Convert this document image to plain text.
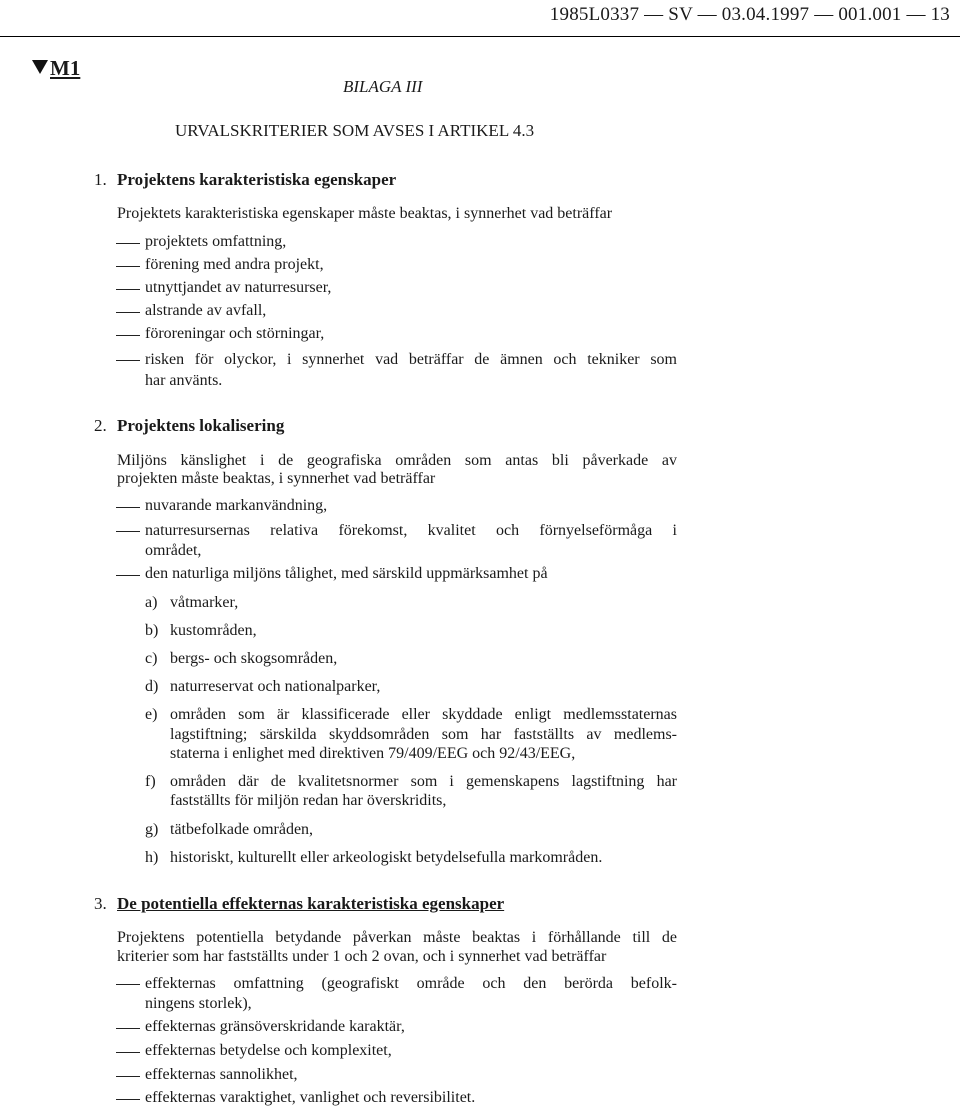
1985L0337 — SV — 03.04.1997 — 001.001 — 13
M1
BILAGA III
URVALSKRITERIER SOM AVSES I ARTIKEL 4.3
1. Projektens karakteristiska egenskaper
Projektets karakteristiska egenskaper måste beaktas, i synnerhet vad beträffar
projektets omfattning,
förening med andra projekt,
utnyttjandet av naturresurser,
alstrande av avfall,
föroreningar och störningar,
risken för olyckor, i synnerhet vad beträffar de ämnen och tekniker som
har använts.
2. Projektens lokalisering
Miljöns känslighet i de geografiska områden som antas bli påverkade av
projekten måste beaktas, i synnerhet vad beträffar
nuvarande markanvändning,
naturresursernas relativa förekomst, kvalitet och förnyelseförmåga i
området,
den naturliga miljöns tålighet, med särskild uppmärksamhet på
a) våtmarker,
b) kustområden,
c) bergs- och skogsområden,
d) naturreservat och nationalparker,
e) områden som är klassificerade eller skyddade enligt medlemsstaternas
lagstiftning; särskilda skyddsområden som har fastställts av medlems-
staterna i enlighet med direktiven 79/409/EEG och 92/43/EEG,
f) områden där de kvalitetsnormer som i gemenskapens lagstiftning har
fastställts för miljön redan har överskridits,
g) tätbefolkade områden,
h) historiskt, kulturellt eller arkeologiskt betydelsefulla markområden.
3. De potentiella effekternas karakteristiska egenskaper
Projektens potentiella betydande påverkan måste beaktas i förhållande till de
kriterier som har fastställts under 1 och 2 ovan, och i synnerhet vad beträffar
effekternas omfattning (geografiskt område och den berörda befolk-
ningens storlek),
effekternas gränsöverskridande karaktär,
effekternas betydelse och komplexitet,
effekternas sannolikhet,
effekternas varaktighet, vanlighet och reversibilitet.
